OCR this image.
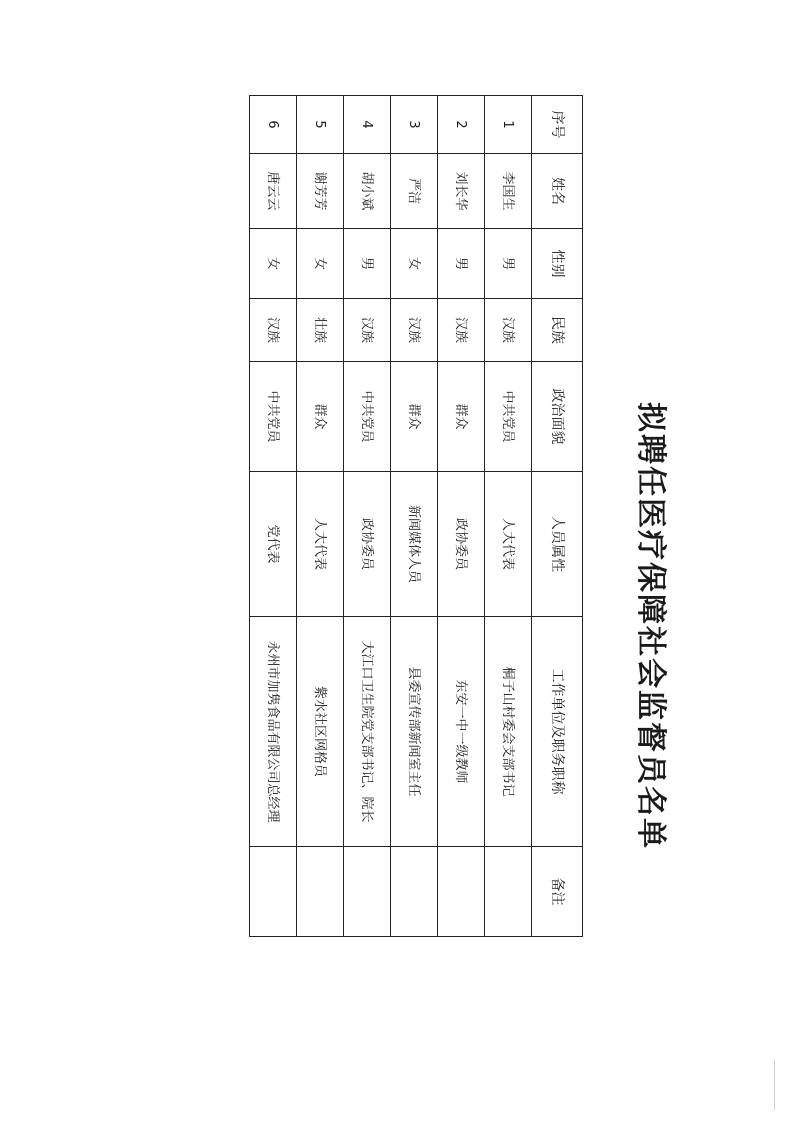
拟聘任医疗保障社会监督员名单
序号	姓名	性别	民族	政治面貌	人员属性	工作单位及职务职称	备注
1	李国生	男	汉族	中共党员	人大代表	桐子山村委会支部书记	
2	刘长华	男	汉族	群众	政协委员	东安一中一级教师	
3	严洁	女	汉族	群众	新闻媒体人员	县委宣传部新闻室主任	
4	胡小斌	男	汉族	中共党员	政协委员	大江口卫生院党支部书记、院长	
5	谢芳芳	女	壮族	群众	人大代表	紫水社区网格员	
6	唐云云	女	汉族	中共党员	党代表	永州市加隽食品有限公司总经理	
